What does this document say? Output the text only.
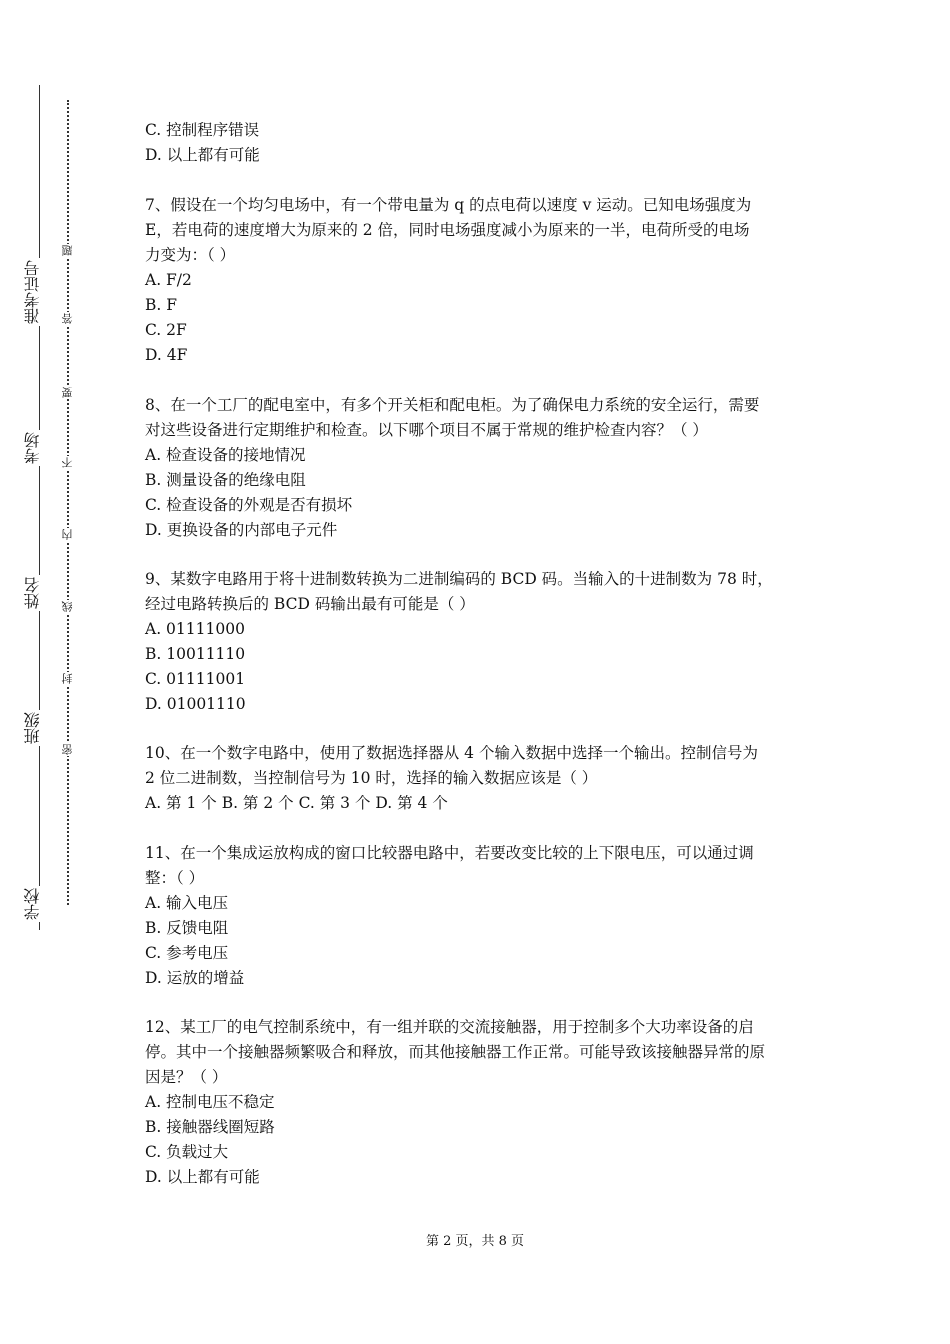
准考证号
考场
姓名
班级
学校
题
答
要
不
内
线
封
密
C. 控制程序错误
D. 以上都有可能
7、假设在一个均匀电场中，有一个带电量为 q 的点电荷以速度 v 运动。已知电场强度为
E，若电荷的速度增大为原来的 2 倍，同时电场强度减小为原来的一半，电荷所受的电场
力变为：（ ）
A. F/2
B. F
C. 2F
D. 4F
8、在一个工厂的配电室中，有多个开关柜和配电柜。为了确保电力系统的安全运行，需要
对这些设备进行定期维护和检查。以下哪个项目不属于常规的维护检查内容？（ ）
A. 检查设备的接地情况
B. 测量设备的绝缘电阻
C. 检查设备的外观是否有损坏
D. 更换设备的内部电子元件
9、某数字电路用于将十进制数转换为二进制编码的 BCD 码。当输入的十进制数为 78 时，
经过电路转换后的 BCD 码输出最有可能是（ ）
A. 01111000
B. 10011110
C. 01111001
D. 01001110
10、在一个数字电路中，使用了数据选择器从 4 个输入数据中选择一个输出。控制信号为
2 位二进制数，当控制信号为 10 时，选择的输入数据应该是（ ）
A. 第 1 个 B. 第 2 个 C. 第 3 个 D. 第 4 个
11、在一个集成运放构成的窗口比较器电路中，若要改变比较的上下限电压，可以通过调
整：（ ）
A. 输入电压
B. 反馈电阻
C. 参考电压
D. 运放的增益
12、某工厂的电气控制系统中，有一组并联的交流接触器，用于控制多个大功率设备的启
停。其中一个接触器频繁吸合和释放，而其他接触器工作正常。可能导致该接触器异常的原
因是？（ ）
A. 控制电压不稳定
B. 接触器线圈短路
C. 负载过大
D. 以上都有可能
第 2 页，共 8 页
